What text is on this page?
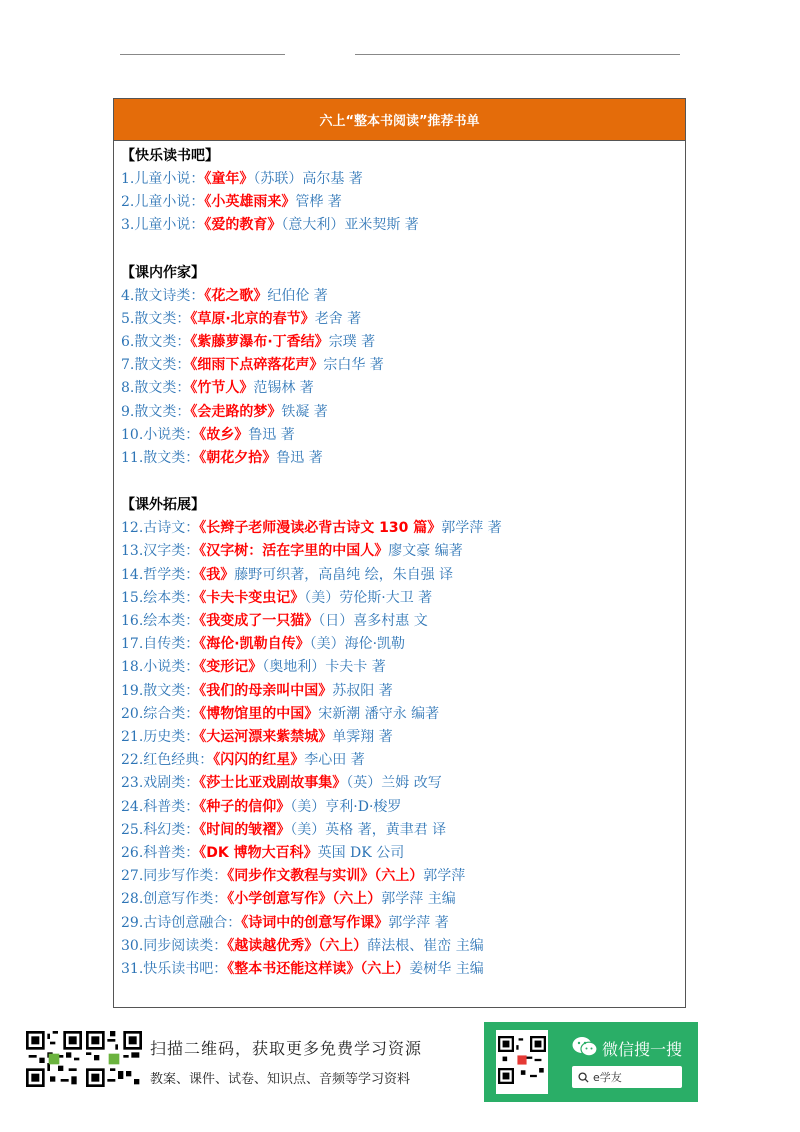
六上“整本书阅读”推荐书单
【快乐读书吧】
1.儿童小说：《童年》（苏联）高尔基 著
2.儿童小说：《小英雄雨来》管桦 著
3.儿童小说：《爱的教育》（意大利）亚米契斯 著
【课内作家】
4.散文诗类：《花之歌》纪伯伦 著
5.散文类：《草原·北京的春节》老舍 著
6.散文类：《紫藤萝瀑布·丁香结》宗璞 著
7.散文类：《细雨下点碎落花声》宗白华 著
8.散文类：《竹节人》范锡林 著
9.散文类：《会走路的梦》铁凝 著
10.小说类：《故乡》鲁迅 著
11.散文类：《朝花夕拾》鲁迅 著
【课外拓展】
12.古诗文：《长辫子老师漫读必背古诗文 130 篇》郭学萍 著
13.汉字类：《汉字树：活在字里的中国人》廖文豪 编著
14.哲学类：《我》藤野可织著，高畠纯 绘，朱自强 译
15.绘本类：《卡夫卡变虫记》（美）劳伦斯·大卫 著
16.绘本类：《我变成了一只猫》（日）喜多村惠 文
17.自传类：《海伦·凯勒自传》（美）海伦·凯勒
18.小说类：《变形记》（奥地利）卡夫卡 著
19.散文类：《我们的母亲叫中国》苏叔阳 著
20.综合类：《博物馆里的中国》宋新潮 潘守永 编著
21.历史类：《大运河漂来紫禁城》单霁翔 著
22.红色经典：《闪闪的红星》李心田 著
23.戏剧类：《莎士比亚戏剧故事集》（英）兰姆 改写
24.科普类：《种子的信仰》（美）亨利·D·梭罗
25.科幻类：《时间的皱褶》（美）英格 著，黄聿君 译
26.科普类：《DK 博物大百科》英国 DK 公司
27.同步写作类：《同步作文教程与实训》（六上）郭学萍
28.创意写作类：《小学创意写作》（六上）郭学萍 主编
29.古诗创意融合：《诗词中的创意写作课》郭学萍 著
30.同步阅读类：《越读越优秀》（六上）薛法根、崔峦 主编
31.快乐读书吧：《整本书还能这样读》（六上）姜树华 主编
扫描二维码，获取更多免费学习资源
教案、课件、试卷、知识点、音频等学习资料
微信搜一搜
e学友
